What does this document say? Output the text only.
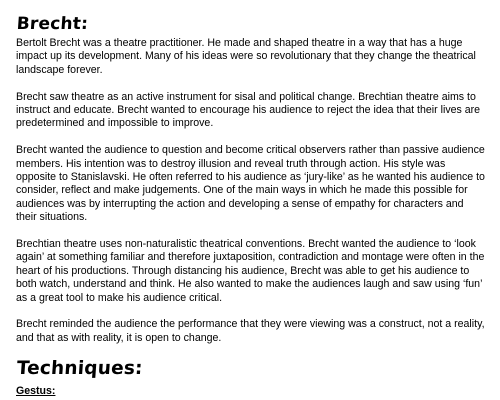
Brecht:

Bertolt Brecht was a theatre practitioner. He made and shaped theatre in a way that has a huge impact up its development. Many of his ideas were so revolutionary that they change the theatrical landscape forever.

Brecht saw theatre as an active instrument for sisal and political change. Brechtian theatre aims to instruct and educate. Brecht wanted to encourage his audience to reject the idea that their lives are predetermined and impossible to improve.

Brecht wanted the audience to question and become critical observers rather than passive audience members. His intention was to destroy illusion and reveal truth through action. His style was opposite to Stanislavski. He often referred to his audience as ‘jury-like’ as he wanted his audience to consider, reflect and make judgements. One of the main ways in which he made this possible for audiences was by interrupting the action and developing a sense of empathy for characters and their situations.

Brechtian theatre uses non-naturalistic theatrical conventions. Brecht wanted the audience to ‘look again’ at something familiar and therefore juxtaposition, contradiction and montage were often in the heart of his productions. Through distancing his audience, Brecht was able to get his audience to both watch, understand and think. He also wanted to make the audiences laugh and saw using ‘fun’ as a great tool to make his audience critical.

Brecht reminded the audience the performance that they were viewing was a construct, not a reality, and that as with reality, it is open to change.

Techniques:
Gestus:
